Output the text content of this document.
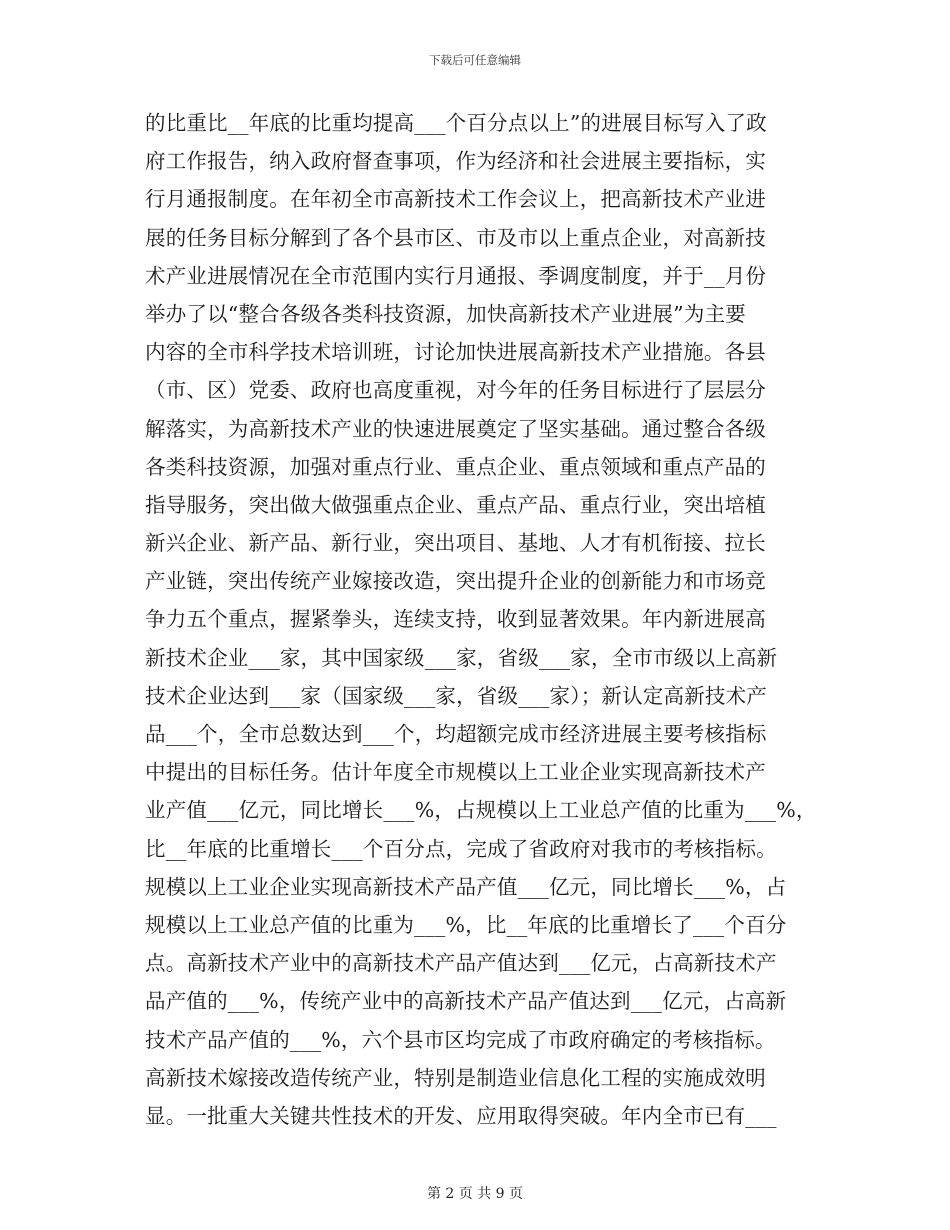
下载后可任意编辑
的比重比__年底的比重均提高___个百分点以上”的进展目标写入了政
府工作报告，纳入政府督查事项，作为经济和社会进展主要指标，实
行月通报制度。在年初全市高新技术工作会议上，把高新技术产业进
展的任务目标分解到了各个县市区、市及市以上重点企业，对高新技
术产业进展情况在全市范围内实行月通报、季调度制度，并于__月份
举办了以“整合各级各类科技资源，加快高新技术产业进展”为主要
内容的全市科学技术培训班，讨论加快进展高新技术产业措施。各县
（市、区）党委、政府也高度重视，对今年的任务目标进行了层层分
解落实，为高新技术产业的快速进展奠定了坚实基础。通过整合各级
各类科技资源，加强对重点行业、重点企业、重点领域和重点产品的
指导服务，突出做大做强重点企业、重点产品、重点行业，突出培植
新兴企业、新产品、新行业，突出项目、基地、人才有机衔接、拉长
产业链，突出传统产业嫁接改造，突出提升企业的创新能力和市场竞
争力五个重点，握紧拳头，连续支持，收到显著效果。年内新进展高
新技术企业___家，其中国家级___家，省级___家，全市市级以上高新
技术企业达到___家（国家级___家，省级___家）；新认定高新技术产
品___个，全市总数达到___个，均超额完成市经济进展主要考核指标
中提出的目标任务。估计年度全市规模以上工业企业实现高新技术产
业产值___亿元，同比增长___%，占规模以上工业总产值的比重为___%，
比__年底的比重增长___个百分点，完成了省政府对我市的考核指标。
规模以上工业企业实现高新技术产品产值___亿元，同比增长___%，占
规模以上工业总产值的比重为___%，比__年底的比重增长了___个百分
点。高新技术产业中的高新技术产品产值达到___亿元，占高新技术产
品产值的___%，传统产业中的高新技术产品产值达到___亿元，占高新
技术产品产值的___%，六个县市区均完成了市政府确定的考核指标。
高新技术嫁接改造传统产业，特别是制造业信息化工程的实施成效明
显。一批重大关键共性技术的开发、应用取得突破。年内全市已有___
第 2 页 共 9 页
